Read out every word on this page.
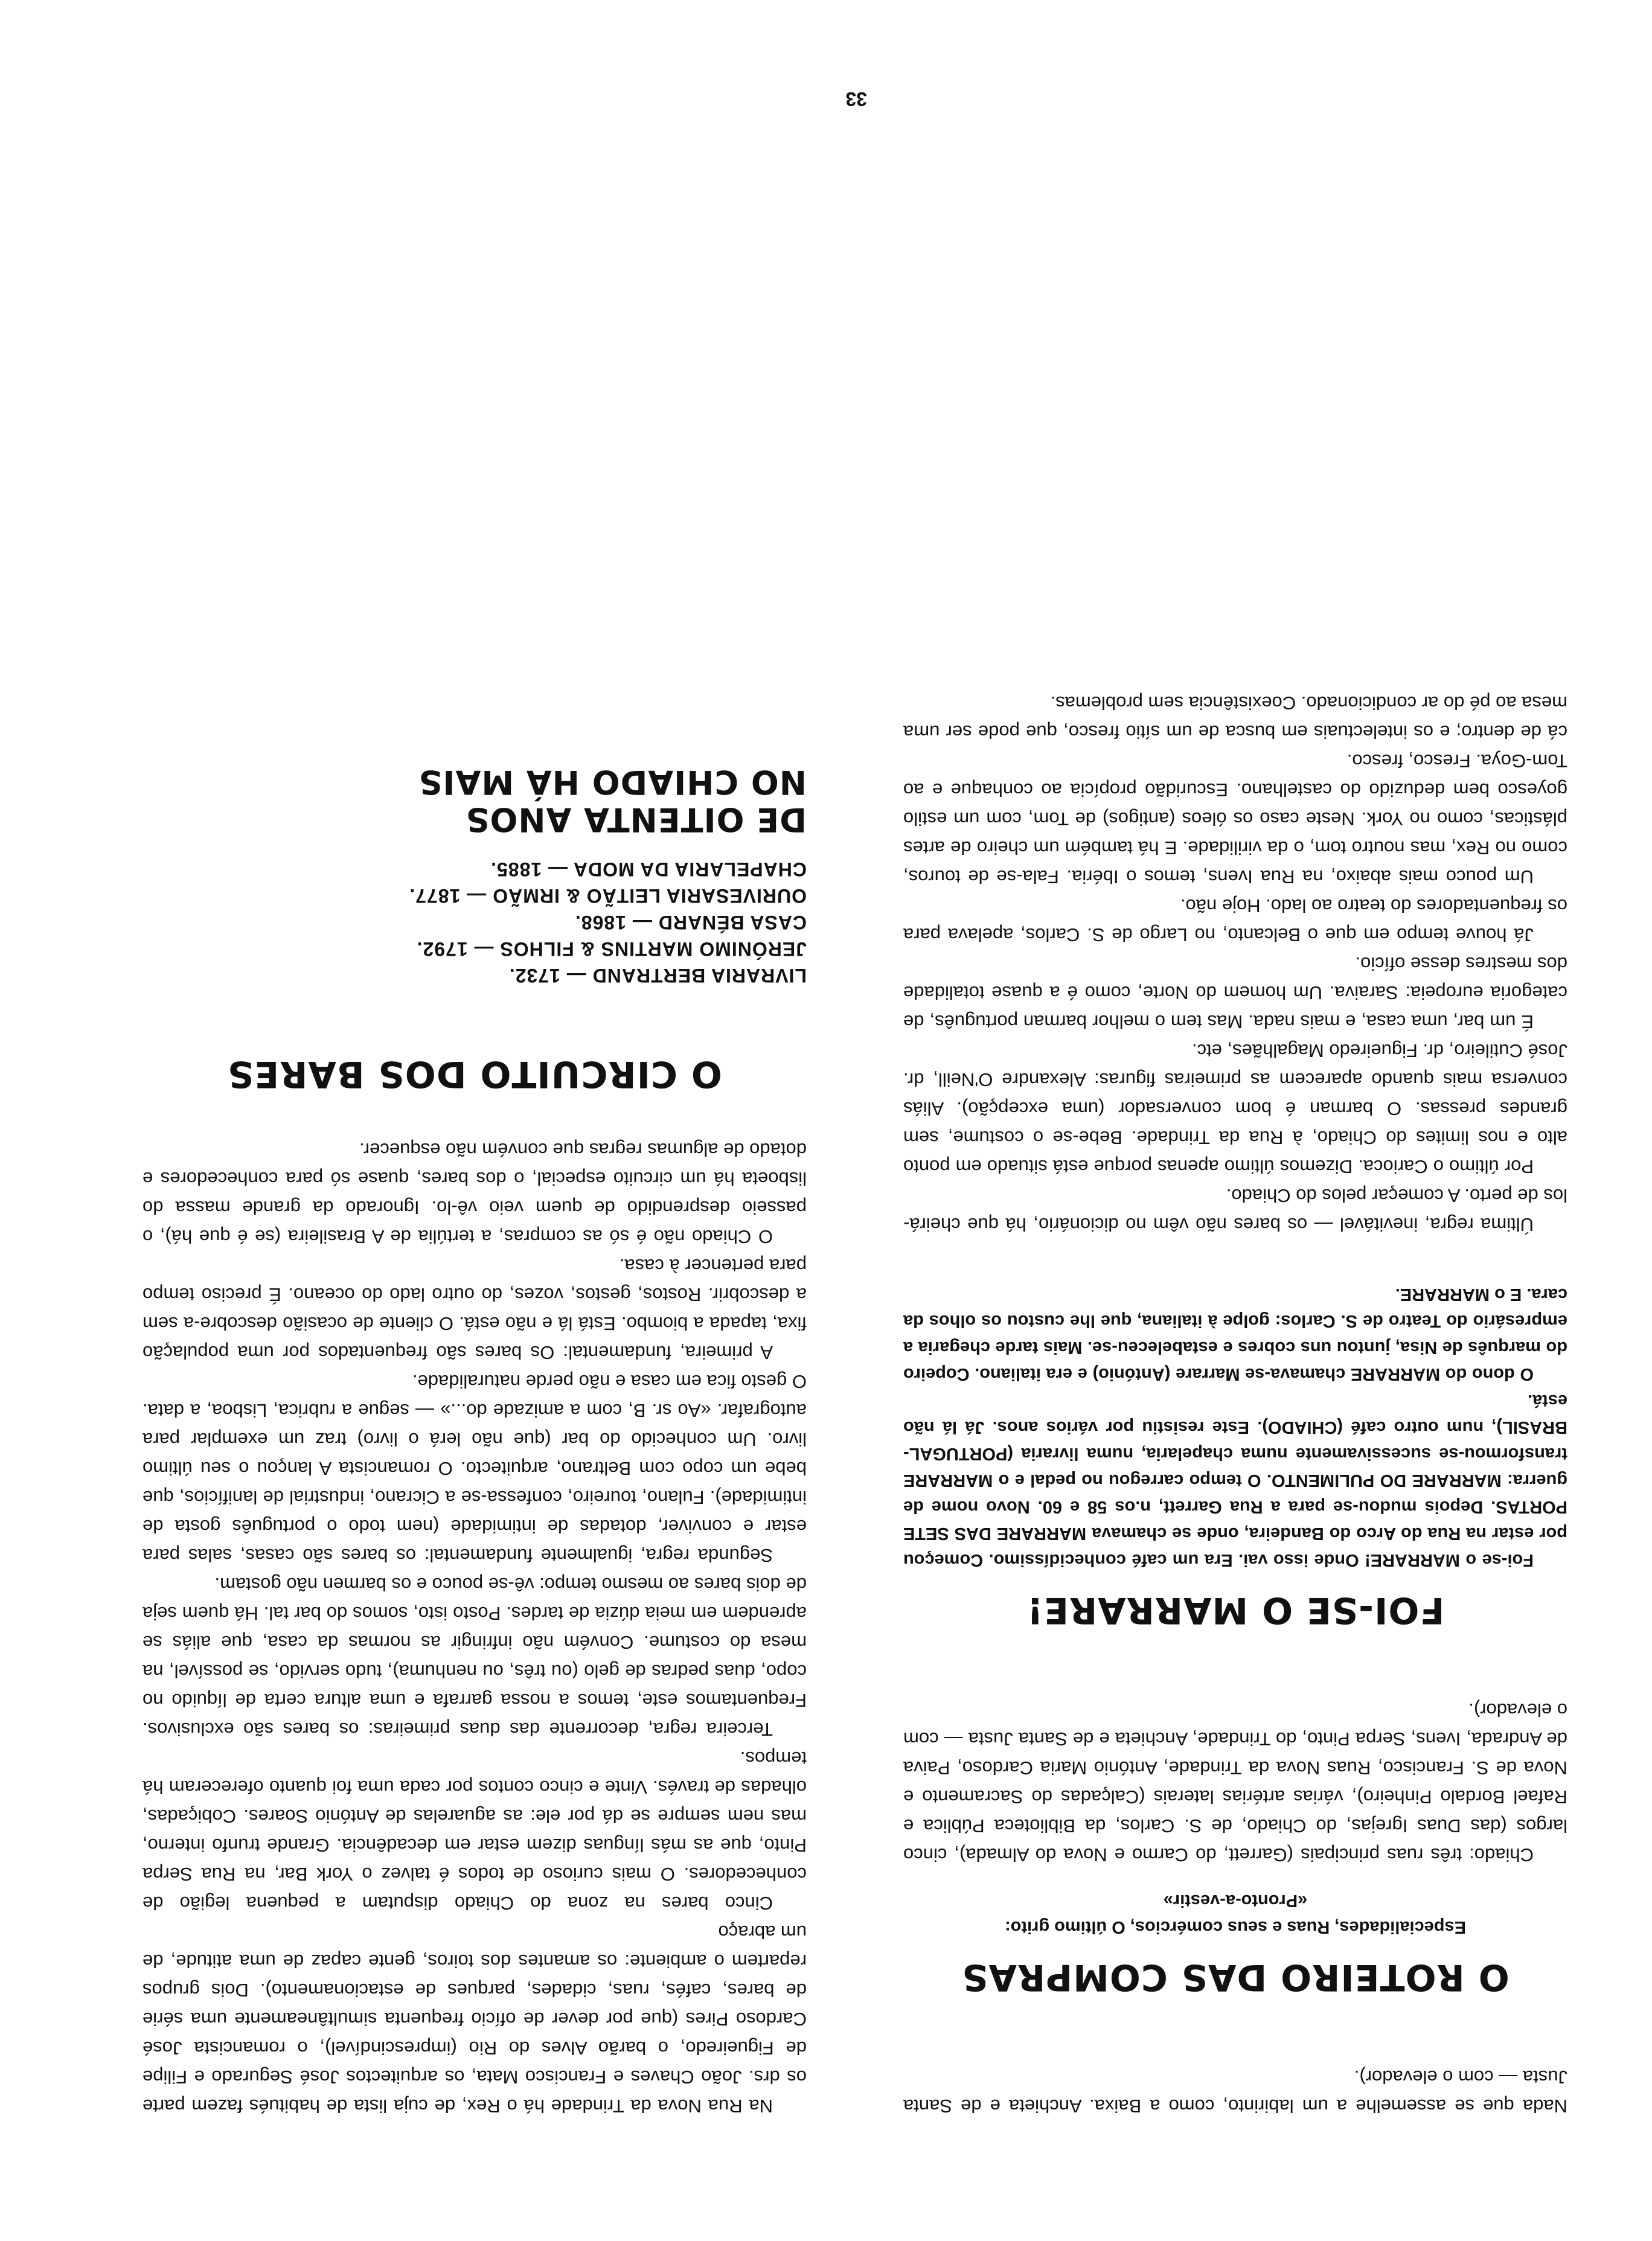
Nada que se assemelhe a um labirinto, como a Baixa. Anchieta e de Santa Justa — com o elevador).

O ROTEIRO DAS COMPRAS

Especialidades, Ruas e seus comércios, O último grito:

«Pronto-a-vestir»

Chiado: três ruas principais (Garrett, do Carmo e Nova do Almada), cinco largos (das Duas Igrejas, do Chiado, de S. Carlos, da Biblioteca Pública e Rafael Bordalo Pinheiro), várias artérias laterais (Calçadas do Sacramento e Nova de S. Francisco, Ruas Nova da Trindade, António Maria Cardoso, Paiva de Andrada, Ivens, Serpa Pinto, do Trindade, Anchieta e de Santa Justa — com o elevador).

FOI-SE O MARRARE!

Foi-se o MARRARE! Onde isso vai. Era um café conhecidíssimo. Começou por estar na Rua do Arco do Bandeira, onde se chamava MARRARE DAS SETE PORTAS. Depois mudou-se para a Rua Garrett, n.os 58 e 60. Novo nome de guerra: MARRARE DO PULIMENTO. O tempo carregou no pedal e o MARRARE transformou-se sucessivamente numa chapelaria, numa livraria (PORTUGAL-BRASIL), num outro café (CHIADO). Este resistiu por vários anos. Já lá não está.

O dono do MARRARE chamava-se Marrare (António) e era italiano. Copeiro do marquês de Nisa, juntou uns cobres e estabeleceu-se. Mais tarde chegaria a empresário do Teatro de S. Carlos: golpe à italiana, que lhe custou os olhos da cara. E o MARRARE.

Última regra, inevitável — os bares não vêm no dicionário, há que cheirá-los de perto. A começar pelos do Chiado.

Por último o Carioca. Dizemos último apenas porque está situado em ponto alto e nos limites do Chiado, à Rua da Trindade. Bebe-se o costume, sem grandes pressas. O barman é bom conversador (uma excepção). Aliás conversa mais quando aparecem as primeiras figuras: Alexandre O'Neill, dr. José Cutileiro, dr. Figueiredo Magalhães, etc.

É um bar, uma casa, e mais nada. Mas tem o melhor barman português, de categoria europeia: Saraiva. Um homem do Norte, como é a quase totalidade dos mestres desse ofício.

Já houve tempo em que o Belcanto, no Largo de S. Carlos, apelava para os frequentadores do teatro ao lado. Hoje não.

Um pouco mais abaixo, na Rua Ivens, temos o Ibéria. Fala-se de touros, como no Rex, mas noutro tom, o da virilidade. E há também um cheiro de artes plásticas, como no York. Neste caso os óleos (antigos) de Tom, com um estilo goyesco bem deduzido do castelhano. Escuridão propícia ao conhaque e ao Tom-Goya. Fresco, fresco.

cá de dentro; e os intelectuais em busca de um sítio fresco, que pode ser uma mesa ao pé do ar condicionado. Coexistência sem problemas.

Na Rua Nova da Trindade há o Rex, de cuja lista de habitués fazem parte os drs. João Chaves e Francisco Mata, os arquitectos José Segurado e Filipe de Figueiredo, o barão Alves do Rio (imprescindível), o romancista José Cardoso Pires (que por dever de ofício frequenta simultâneamente uma série de bares, cafés, ruas, cidades, parques de estacionamento). Dois grupos repartem o ambiente: os amantes dos toiros, gente capaz de uma atitude, de um abraço

Cinco bares na zona do Chiado disputam a pequena legião de conhecedores. O mais curioso de todos é talvez o York Bar, na Rua Serpa Pinto, que as más línguas dizem estar em decadência. Grande trunfo interno, mas nem sempre se dá por ele: as aguarelas de António Soares. Cobiçadas, olhadas de través. Vinte e cinco contos por cada uma foi quanto ofereceram há tempos.

Terceira regra, decorrente das duas primeiras: os bares são exclusivos. Frequentamos este, temos a nossa garrafa e uma altura certa de líquido no copo, duas pedras de gelo (ou três, ou nenhuma), tudo servido, se possível, na mesa do costume. Convém não infringir as normas da casa, que aliás se aprendem em meia dúzia de tardes. Posto isto, somos do bar tal. Há quem seja de dois bares ao mesmo tempo: vê-se pouco e os barmen não gostam.

Segunda regra, igualmente fundamental: os bares são casas, salas para estar e conviver, dotadas de intimidade (nem todo o português gosta de intimidade). Fulano, toureiro, confessa-se a Cicrano, industrial de lanifícios, que bebe um copo com Beltrano, arquitecto. O romancista A lançou o seu último livro. Um conhecido do bar (que não lerá o livro) traz um exemplar para autografar. «Ao sr. B, com a amizade do...» — segue a rubrica, Lisboa, a data. O gesto fica em casa e não perde naturalidade.

A primeira, fundamental: Os bares são frequentados por uma população fixa, tapada a biombo. Está lá e não está. O cliente de ocasião descobre-a sem a descobrir. Rostos, gestos, vozes, do outro lado do oceano. É preciso tempo para pertencer à casa.

O Chiado não é só as compras, a tertúlia de A Brasileira (se é que há), o passeio desprendido de quem veio vê-lo. Ignorado da grande massa do lisboeta há um circuito especial, o dos bares, quase só para conhecedores e dotado de algumas regras que convém não esquecer.

O CIRCUITO DOS BARES
LIVRARIA BERTRAND — 1732.
JERÓNIMO MARTINS & FILHOS — 1792.
CASA BÉNARD — 1868.
OURIVESARIA LEITÃO & IRMÃO — 1877.
CHAPELARIA DA MODA — 1885.
DE OITENTA ANOS
NO CHIADO HÁ MAIS
33
